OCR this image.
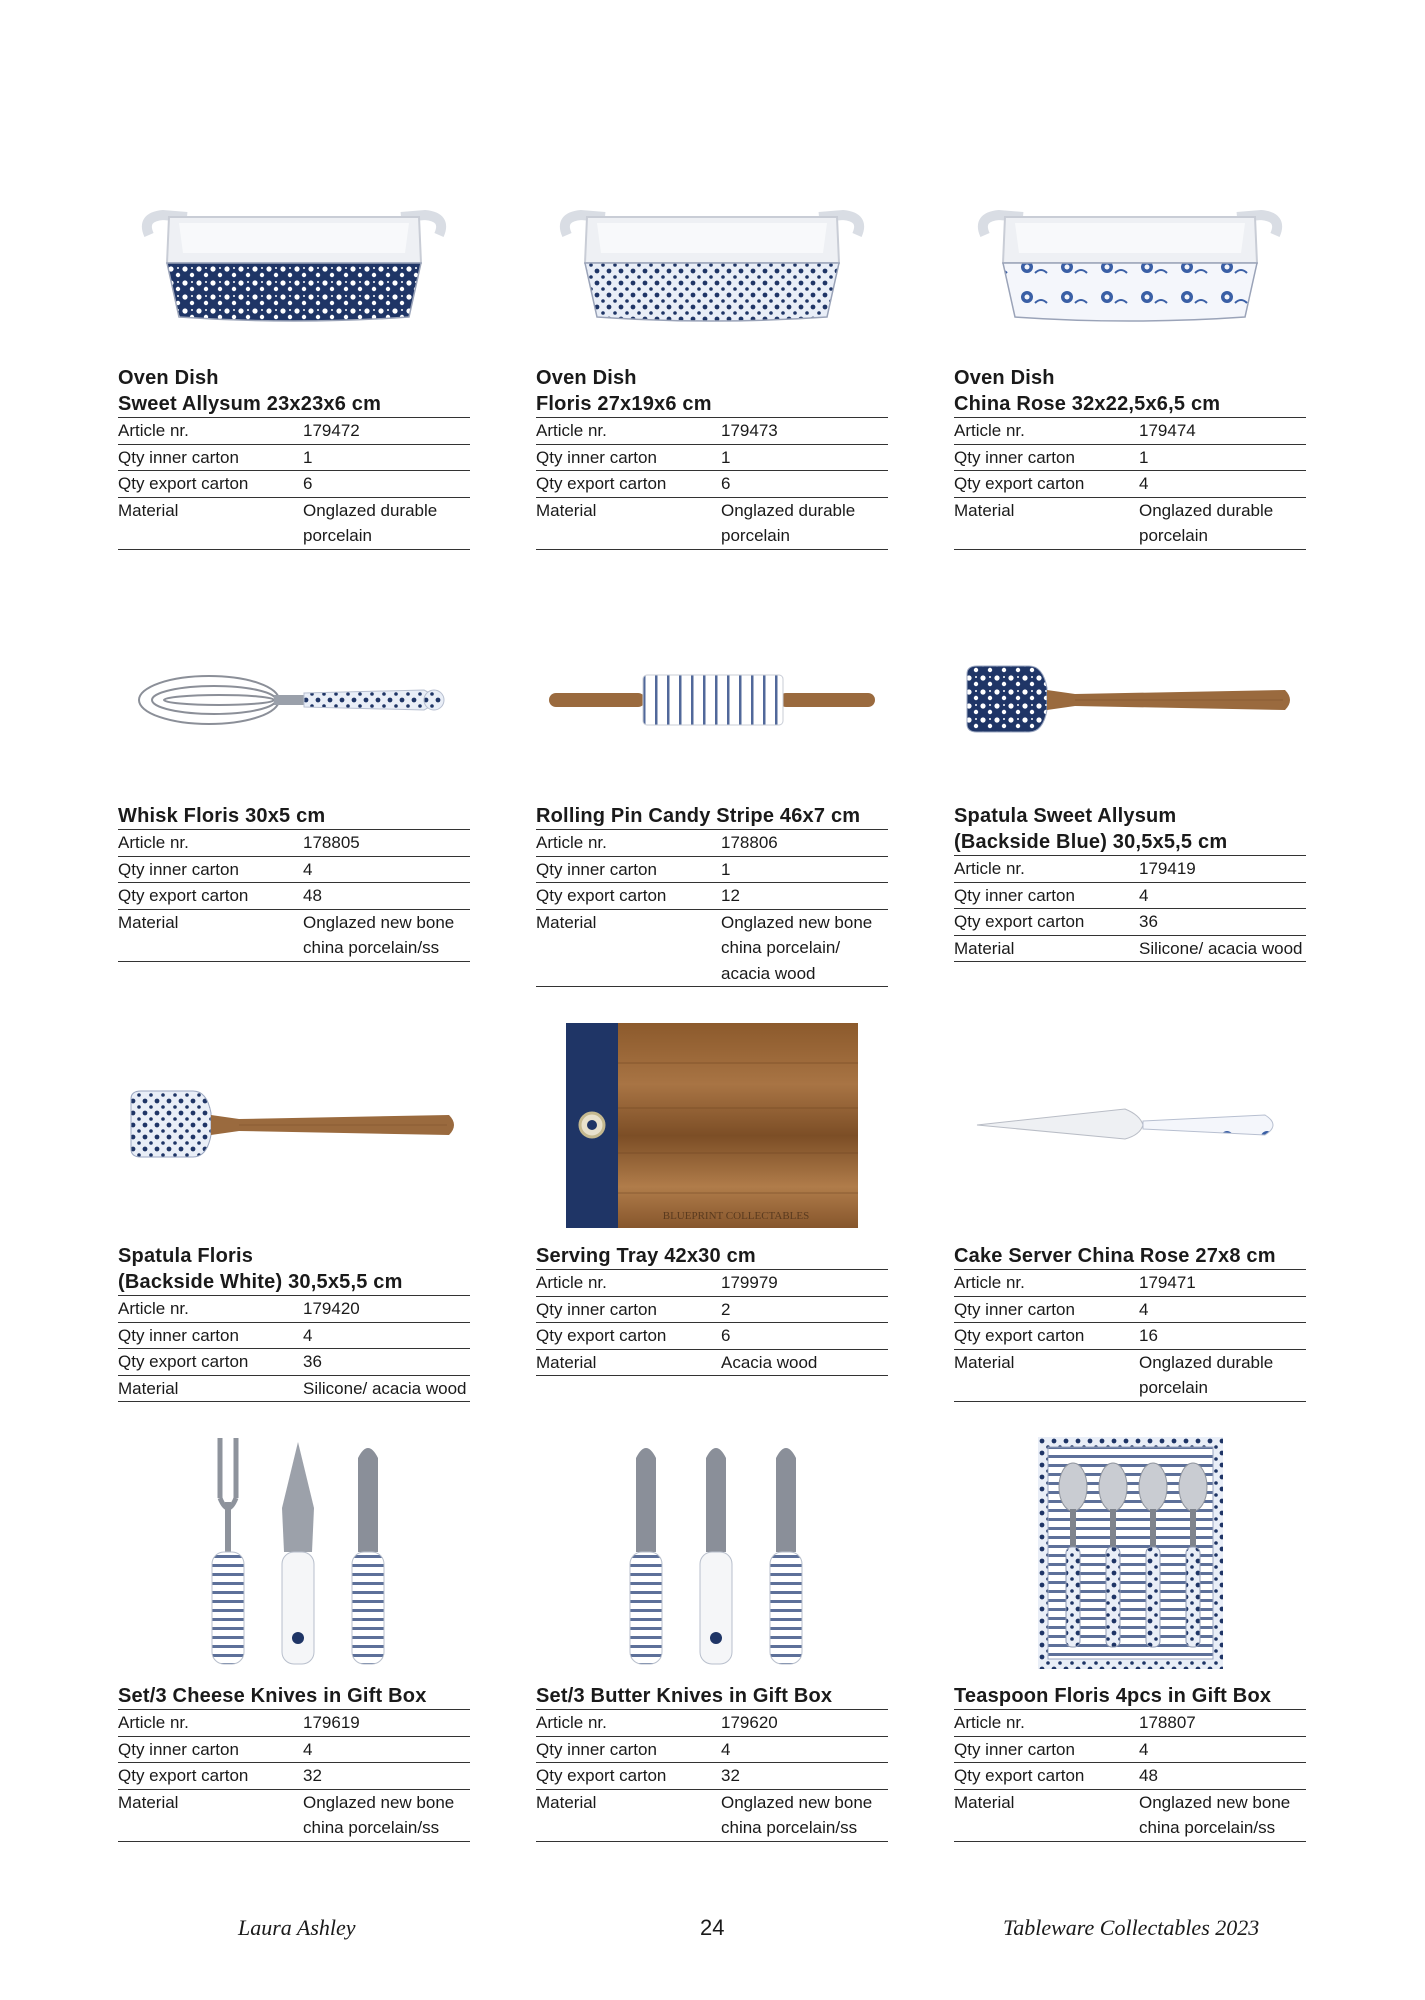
Oven Dish
Sweet Allysum 23x23x6 cm
Article nr.	179472
Qty inner carton	1
Qty export carton	6
Material	Onglazed durable porcelain
Oven Dish
Floris 27x19x6 cm
Article nr.	179473
Qty inner carton	1
Qty export carton	6
Material	Onglazed durable porcelain
Oven Dish
China Rose 32x22,5x6,5 cm
Article nr.	179474
Qty inner carton	1
Qty export carton	4
Material	Onglazed durable porcelain
Whisk Floris 30x5 cm
Article nr.	178805
Qty inner carton	4
Qty export carton	48
Material	Onglazed new bone china porcelain/ss
Rolling Pin Candy Stripe 46x7 cm
Article nr.	178806
Qty inner carton	1
Qty export carton	12
Material	Onglazed new bone china porcelain/ acacia wood
Spatula Sweet Allysum
(Backside Blue) 30,5x5,5 cm
Article nr.	179419
Qty inner carton	4
Qty export carton	36
Material	Silicone/ acacia wood
Spatula Floris
(Backside White) 30,5x5,5 cm
Article nr.	179420
Qty inner carton	4
Qty export carton	36
Material	Silicone/ acacia wood
BLUEPRINT COLLECTABLES
Serving Tray 42x30 cm
Article nr.	179979
Qty inner carton	2
Qty export carton	6
Material	Acacia wood
Cake Server China Rose 27x8 cm
Article nr.	179471
Qty inner carton	4
Qty export carton	16
Material	Onglazed durable porcelain
Set/3 Cheese Knives in Gift Box
Article nr.	179619
Qty inner carton	4
Qty export carton	32
Material	Onglazed new bone china porcelain/ss
Set/3 Butter Knives in Gift Box
Article nr.	179620
Qty inner carton	4
Qty export carton	32
Material	Onglazed new bone china porcelain/ss
Teaspoon Floris 4pcs in Gift Box
Article nr.	178807
Qty inner carton	4
Qty export carton	48
Material	Onglazed new bone china porcelain/ss
Laura Ashley	24	Tableware Collectables 2023
